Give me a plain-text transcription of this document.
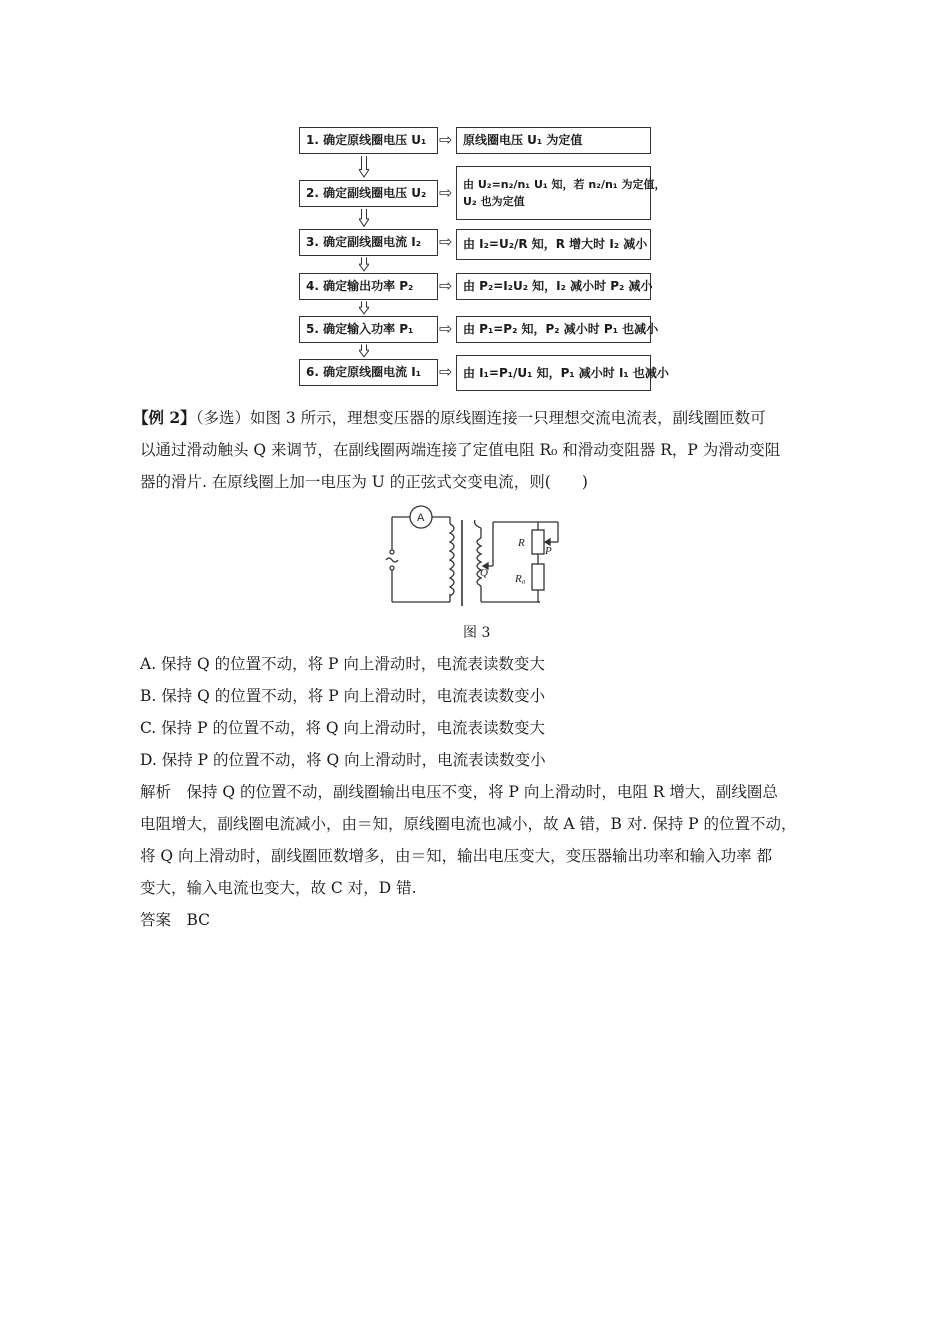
1. 确定原线圈电压 U₁ ⇨ 原线圈电压 U₁ 为定值
2. 确定副线圈电压 U₂ ⇨ 由 U₂=n₂/n₁ U₁ 知，若 n₂/n₁ 为定值，
U₂ 也为定值
3. 确定副线圈电流 I₂ ⇨ 由 I₂=U₂/R 知，R 增大时 I₂ 减小
4. 确定输出功率 P₂ ⇨ 由 P₂=I₂U₂ 知，I₂ 减小时 P₂ 减小
5. 确定输入功率 P₁ ⇨ 由 P₁=P₂ 知，P₂ 减小时 P₁ 也减小
6. 确定原线圈电流 I₁ ⇨ 由 I₁=P₁/U₁ 知，P₁ 减小时 I₁ 也减小
【例 2】（多选）如图 3 所示，理想变压器的原线圈连接一只理想交流电流表，副线圈匝数可
以通过滑动触头 Q 来调节，在副线圈两端连接了定值电阻 R₀ 和滑动变阻器 R，P 为滑动变阻
器的滑片. 在原线圈上加一电压为 U 的正弦式交变电流，则(　　)
A
Q
R
P
R₀
图 3
A. 保持 Q 的位置不动，将 P 向上滑动时，电流表读数变大
B. 保持 Q 的位置不动，将 P 向上滑动时，电流表读数变小
C. 保持 P 的位置不动，将 Q 向上滑动时，电流表读数变大
D. 保持 P 的位置不动，将 Q 向上滑动时，电流表读数变小
解析　保持 Q 的位置不动，副线圈输出电压不变，将 P 向上滑动时，电阻 R 增大，副线圈总
电阻增大，副线圈电流减小，由＝知，原线圈电流也减小，故 A 错，B 对. 保持 P 的位置不动，
将 Q 向上滑动时，副线圈匝数增多，由＝知，输出电压变大，变压器输出功率和输入功率 都
变大，输入电流也变大，故 C 对，D 错.
答案　BC
